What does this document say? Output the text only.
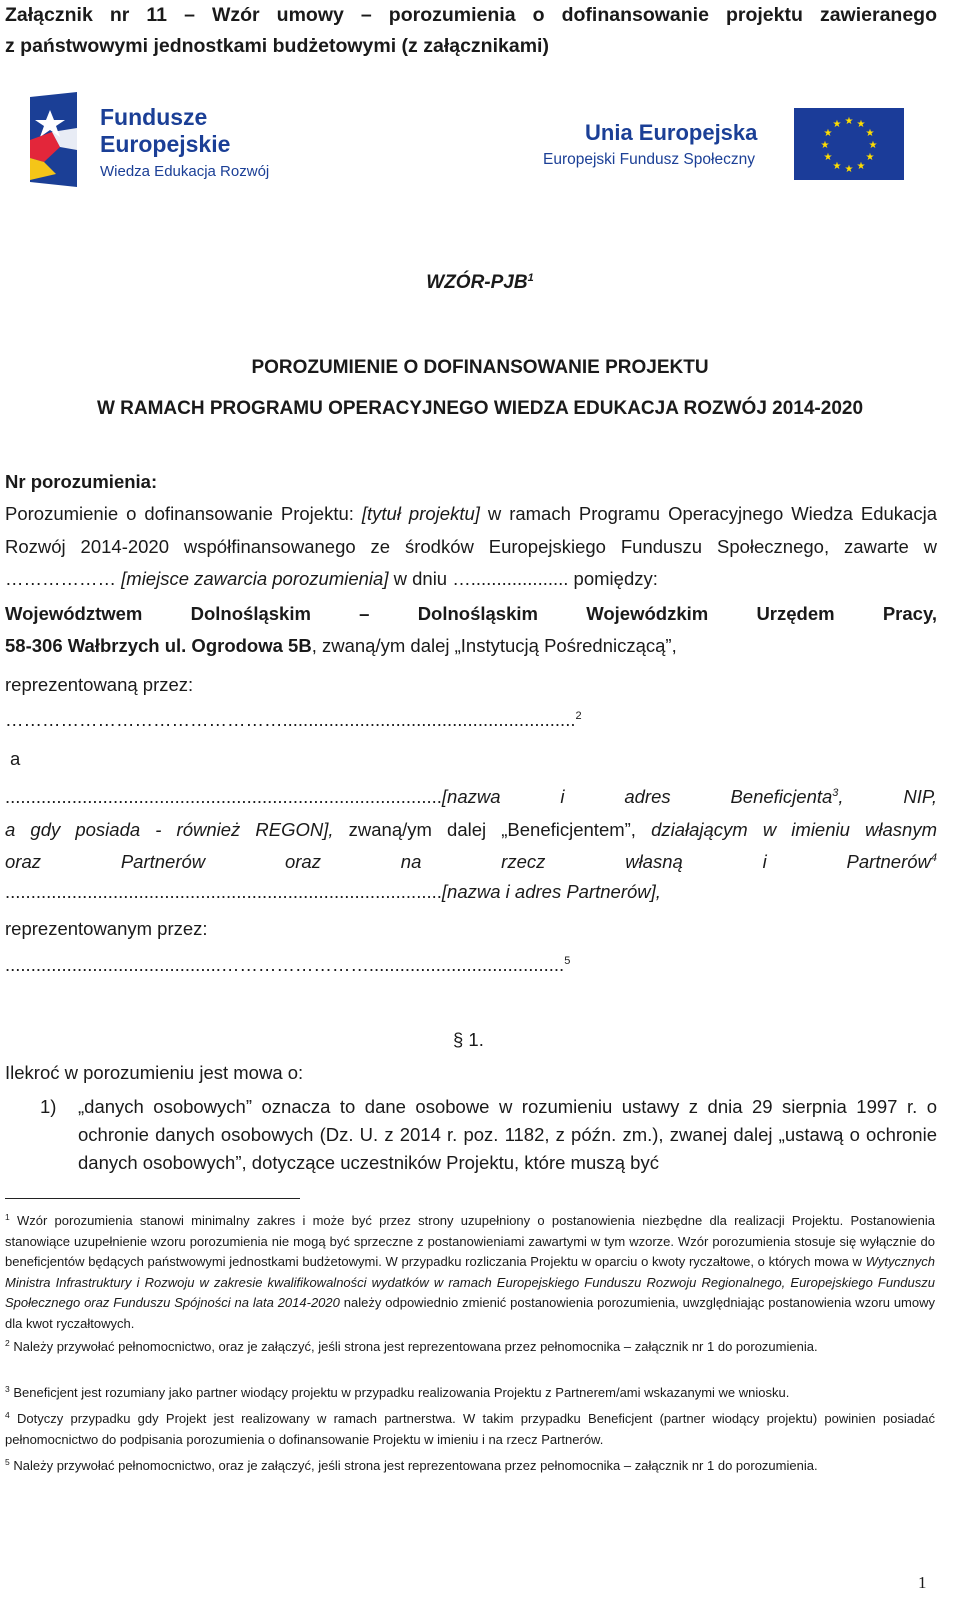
Załącznik nr 11 – Wzór umowy – porozumienia o dofinansowanie projektu zawieranego
z państwowymi jednostkami budżetowymi (z załącznikami)
Fundusze
Europejskie
Wiedza Edukacja Rozwój
Unia Europejska
Europejski Fundusz Społeczny
★ ★
★
★
★
★
★
★
★
★
★
★
WZÓR-PJB$^1$
POROZUMIENIE O DOFINANSOWANIE PROJEKTU
W RAMACH PROGRAMU OPERACYJNEGO WIEDZA EDUKACJA ROZWÓJ 2014-2020
Nr porozumienia:
Porozumienie o dofinansowanie Projektu: [tytuł projektu] w ramach Programu Operacyjnego Wiedza Edukacja Rozwój 2014-2020 współfinansowanego ze środków Europejskiego Funduszu Społecznego, zawarte w ……………… [miejsce zawarcia porozumienia] w dniu …................... pomiędzy:
Województwem Dolnośląskim – Dolnośląskim Wojewódzkim Urzędem Pracy,
58-306 Wałbrzych ul. Ogrodowa 5B, zwaną/ym dalej „Instytucją Pośredniczącą”,
reprezentowaną przez:
……………………………………….........................................................$^2$
a
.....................................................................................[nazwa i adres Beneficjenta$^3$, NIP,
a gdy posiada - również REGON], zwaną/ym dalej „Beneficjentem”, działającym w imieniu własnym
oraz Partnerów oraz na rzecz własną i Partnerów$^4$
.....................................................................................[nazwa i adres Partnerów],
reprezentowanym przez:
..........................................……………………......................................$^5$
§ 1.
Ilekroć w porozumieniu jest mowa o:
1) „danych osobowych” oznacza to dane osobowe w rozumieniu ustawy z dnia 29 sierpnia 1997 r. o ochronie danych osobowych (Dz. U. z 2014 r. poz. 1182, z późn. zm.), zwanej dalej „ustawą o ochronie danych osobowych”, dotyczące uczestników Projektu, które muszą być
$^1$ Wzór porozumienia stanowi minimalny zakres i może być przez strony uzupełniony o postanowienia niezbędne dla realizacji Projektu. Postanowienia stanowiące uzupełnienie wzoru porozumienia nie mogą być sprzeczne z postanowieniami zawartymi w tym wzorze. Wzór porozumienia stosuje się wyłącznie do beneficjentów będących państwowymi jednostkami budżetowymi. W przypadku rozliczania Projektu w oparciu o kwoty ryczałtowe, o których mowa w Wytycznych Ministra Infrastruktury i Rozwoju w zakresie kwalifikowalności wydatków w ramach Europejskiego Funduszu Rozwoju Regionalnego, Europejskiego Funduszu Społecznego oraz Funduszu Spójności na lata 2014-2020 należy odpowiednio zmienić postanowienia porozumienia, uwzględniając postanowienia wzoru umowy dla kwot ryczałtowych.
$^2$ Należy przywołać pełnomocnictwo, oraz je załączyć, jeśli strona jest reprezentowana przez pełnomocnika – załącznik nr 1 do porozumienia.
$^3$ Beneficjent jest rozumiany jako partner wiodący projektu w przypadku realizowania Projektu z Partnerem/ami wskazanymi we wniosku.
$^4$ Dotyczy przypadku gdy Projekt jest realizowany w ramach partnerstwa. W takim przypadku Beneficjent (partner wiodący projektu) powinien posiadać pełnomocnictwo do podpisania porozumienia o dofinansowanie Projektu w imieniu i na rzecz Partnerów.
$^5$ Należy przywołać pełnomocnictwo, oraz je załączyć, jeśli strona jest reprezentowana przez pełnomocnika – załącznik nr 1 do porozumienia.
1
